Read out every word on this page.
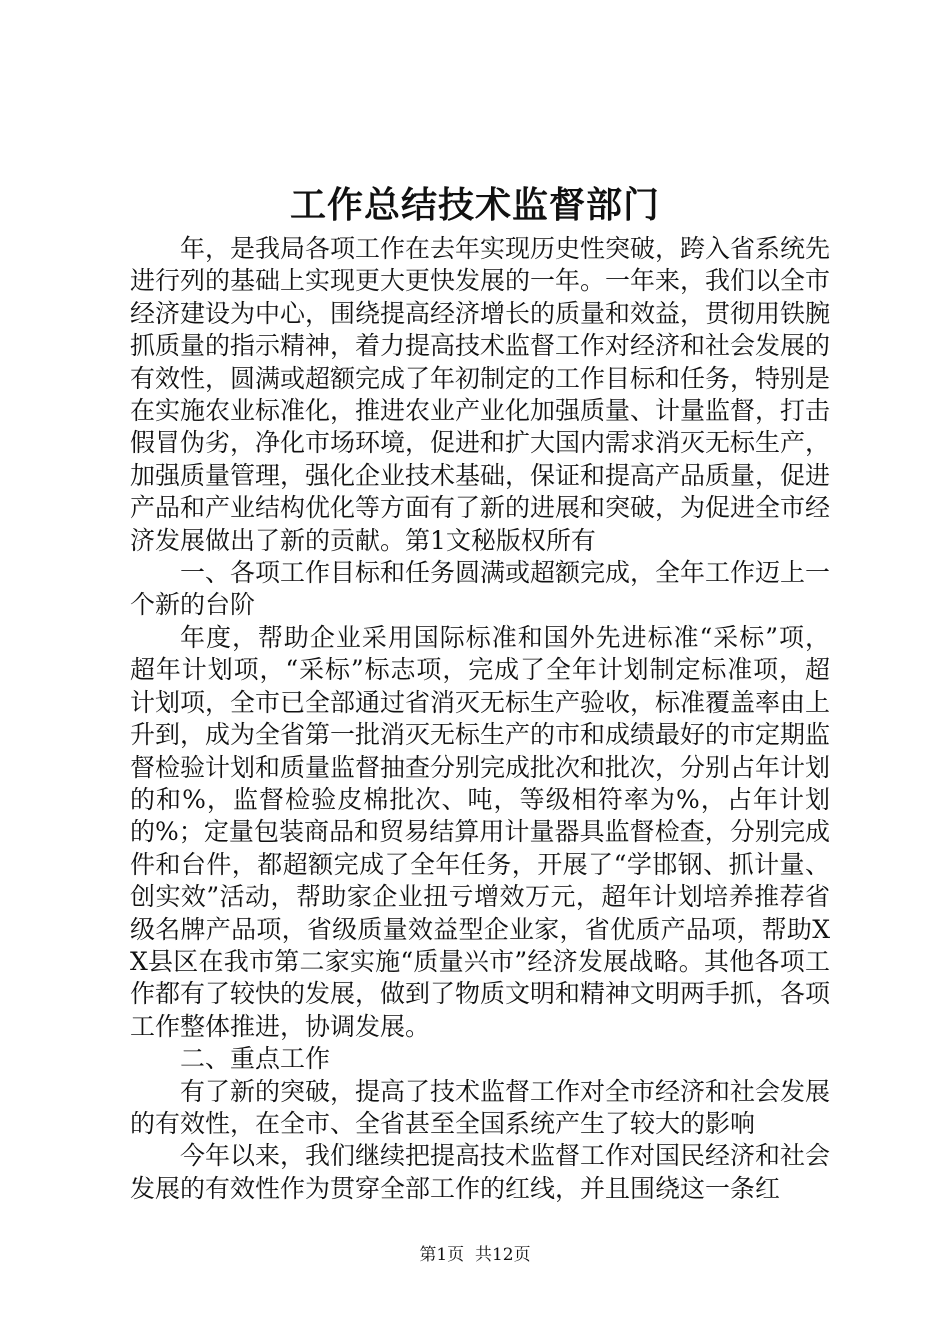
工作总结技术监督部门

年，是我局各项工作在去年实现历史性突破，跨入省系统先进行列的基础上实现更大更快发展的一年。一年来，我们以全市经济建设为中心，围绕提高经济增长的质量和效益，贯彻用铁腕抓质量的指示精神，着力提高技术监督工作对经济和社会发展的有效性，圆满或超额完成了年初制定的工作目标和任务，特别是在实施农业标准化，推进农业产业化加强质量、计量监督，打击假冒伪劣，净化市场环境，促进和扩大国内需求消灭无标生产，加强质量管理，强化企业技术基础，保证和提高产品质量，促进产品和产业结构优化等方面有了新的进展和突破，为促进全市经济发展做出了新的贡献。第1文秘版权所有

一、各项工作目标和任务圆满或超额完成，全年工作迈上一个新的台阶

年度，帮助企业采用国际标准和国外先进标准“采标”项，超年计划项，“采标”标志项，完成了全年计划制定标准项，超计划项，全市已全部通过省消灭无标生产验收，标准覆盖率由上升到，成为全省第一批消灭无标生产的市和成绩最好的市定期监督检验计划和质量监督抽查分别完成批次和批次，分别占年计划的和%，监督检验皮棉批次、吨，等级相符率为%，占年计划的%；定量包装商品和贸易结算用计量器具监督检查，分别完成件和台件，都超额完成了全年任务，开展了“学邯钢、抓计量、创实效”活动，帮助家企业扭亏增效万元，超年计划培养推荐省级名牌产品项，省级质量效益型企业家，省优质产品项，帮助XX县区在我市第二家实施“质量兴市”经济发展战略。其他各项工作都有了较快的发展，做到了物质文明和精神文明两手抓，各项工作整体推进，协调发展。

二、重点工作

有了新的突破，提高了技术监督工作对全市经济和社会发展的有效性，在全市、全省甚至全国系统产生了较大的影响

今年以来，我们继续把提高技术监督工作对国民经济和社会发展的有效性作为贯穿全部工作的红线，并且围绕这一条红

第1页  共12页
